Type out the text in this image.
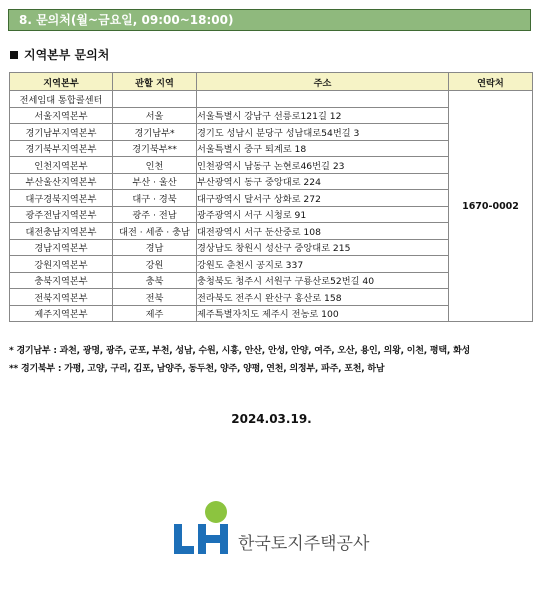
8. 문의처(월~금요일, 09:00~18:00)
지역본부 문의처
지역본부	관할 지역	주소	연락처
전세임대 통합콜센터			1670-0002
서울지역본부	서울	서울특별시 강남구 선릉로121길 12	
경기남부지역본부	경기남부*	경기도 성남시 분당구 성남대로54번길 3	
경기북부지역본부	경기북부**	서울특별시 중구 퇴계로 18	
인천지역본부	인천	인천광역시 남동구 논현로46번길 23	
부산울산지역본부	부산 · 울산	부산광역시 동구 중앙대로 224	
대구경북지역본부	대구 · 경북	대구광역시 달서구 상화로 272	
광주전남지역본부	광주 · 전남	광주광역시 서구 시청로 91	
대전충남지역본부	대전 · 세종 · 충남	대전광역시 서구 둔산중로 108	
경남지역본부	경남	경상남도 창원시 성산구 중앙대로 215	
강원지역본부	강원	강원도 춘천시 공지로 337	
충북지역본부	충북	충청북도 청주시 서원구 구룡산로52번길 40	
전북지역본부	전북	전라북도 전주시 완산구 홍산로 158	
제주지역본부	제주	제주특별자치도 제주시 전농로 100	
* 경기남부 : 과천, 광명, 광주, 군포, 부천, 성남, 수원, 시흥, 안산, 안성, 안양, 여주, 오산, 용인, 의왕, 이천, 평택, 화성
** 경기북부 : 가평, 고양, 구리, 김포, 남양주, 동두천, 양주, 양평, 연천, 의정부, 파주, 포천, 하남
2024.03.19.
한국토지주택공사
